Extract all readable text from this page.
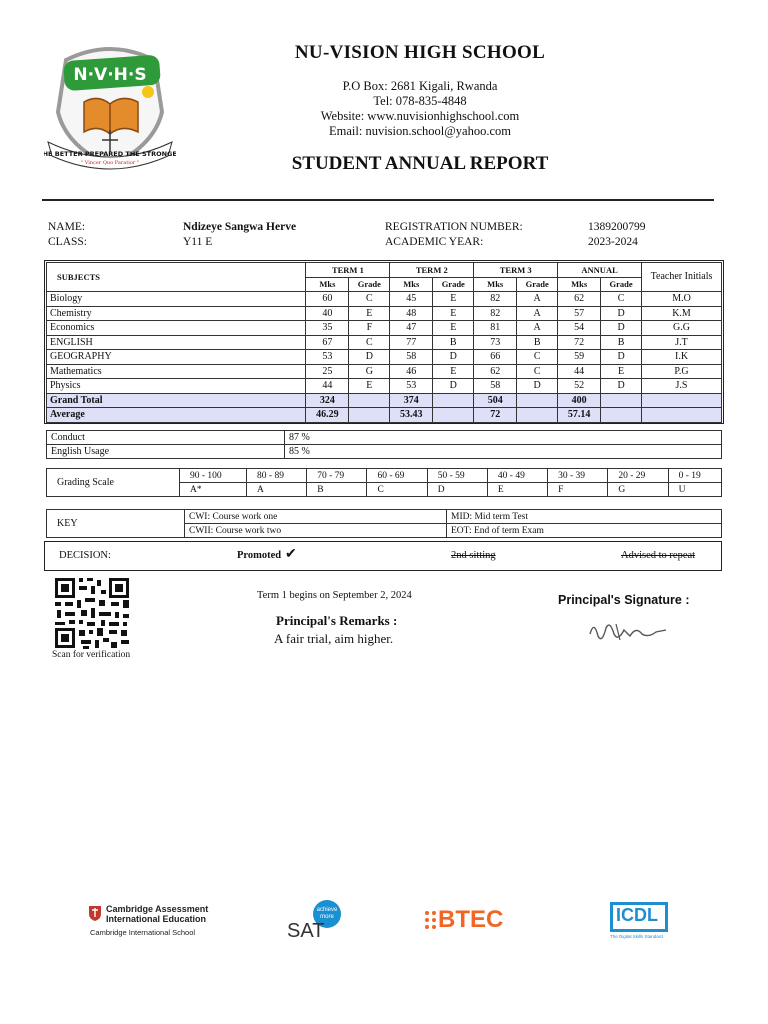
N·V·H·S
THE BETTER PREPARED THE STRONGER
" Vincer Quo Paratior "
NU-VISION HIGH SCHOOL
P.O Box: 2681 Kigali, Rwanda
Tel: 078-835-4848
Website: www.nuvisionhighschool.com
Email: nuvision.school@yahoo.com
STUDENT ANNUAL REPORT
NAME:	Ndizeye Sangwa Herve
CLASS:	Y11 E
REGISTRATION NUMBER:	1389200799
ACADEMIC YEAR:	2023-2024
SUBJECTS	TERM 1		TERM 2		TERM 3		ANNUAL		Teacher Initials
	Mks	Grade	Mks	Grade	Mks	Grade	Mks	Grade	
Biology	60	C	45	E	82	A	62	C	M.O
Chemistry	40	E	48	E	82	A	57	D	K.M
Economics	35	F	47	E	81	A	54	D	G.G
ENGLISH	67	C	77	B	73	B	72	B	J.T
GEOGRAPHY	53	D	58	D	66	C	59	D	I.K
Mathematics	25	G	46	E	62	C	44	E	P.G
Physics	44	E	53	D	58	D	52	D	J.S
Grand Total	324		374		504		400		
Average	46.29		53.43		72		57.14		
Conduct	87 %
English Usage	85 %
Grading Scale	90 - 100	80 - 89	70 - 79	60 - 69	50 - 59	40 - 49	30 - 39	20 - 29	0 - 19
	A*	A	B	C	D	E	F	G	U
KEY	CWI: Course work one	MID: Mid term Test
	CWII: Course work two	EOT: End of term Exam
DECISION:	Promoted ✔	2nd sitting	Advised to repeat
Scan for verification
Term 1 begins on September 2, 2024
Principal's Remarks :
A fair trial, aim higher.
Principal's Signature :
Cambridge Assessment
International Education
Cambridge International School
achieve more
SAT	BTEC	ICDL
The Digital Skills Standard
